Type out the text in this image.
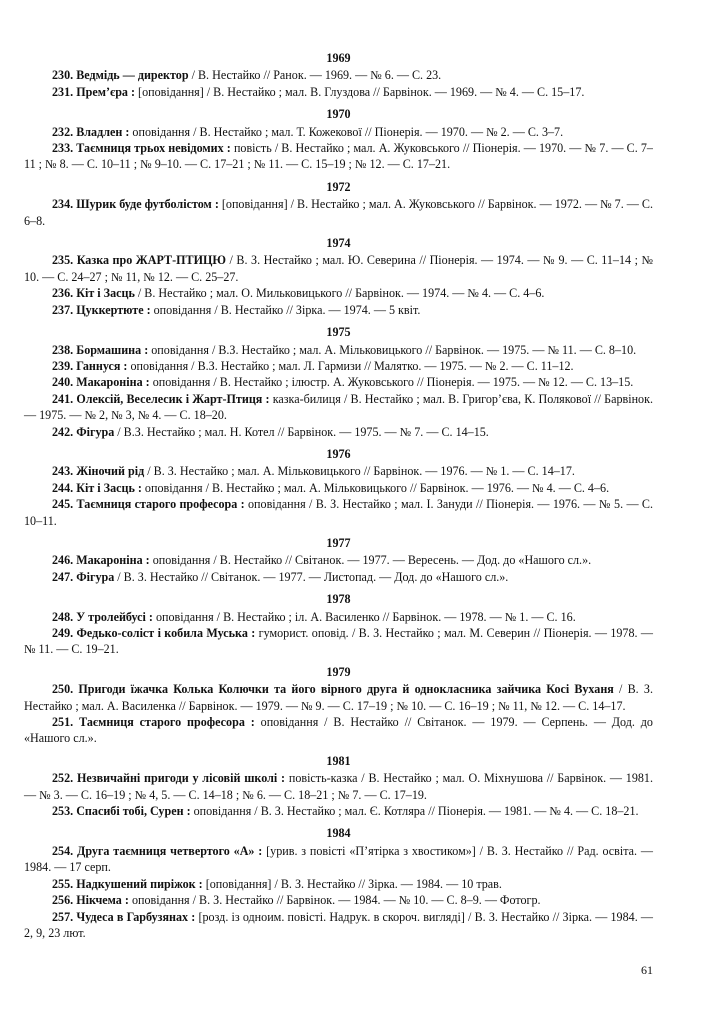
1969
230. Ведмідь — директор / В. Нестайко // Ранок. — 1969. — № 6. — С. 23.
231. Прем’єра : [оповідання] / В. Нестайко ; мал. В. Глуздова // Барвінок. — 1969. — № 4. — С. 15–17.
1970
232. Владлен : оповідання / В. Нестайко ; мал. Т. Кожекової // Піонерія. — 1970. — № 2. — С. 3–7.
233. Таємниця трьох невідомих : повість / В. Нестайко ; мал. А. Жуковського // Піонерія. — 1970. — № 7. — С. 7–11 ; № 8. — С. 10–11 ; № 9–10. — С. 17–21 ; № 11. — С. 15–19 ; № 12. — С. 17–21.
1972
234. Шурик буде футболістом : [оповідання] / В. Нестайко ; мал. А. Жуковського // Барвінок. — 1972. — № 7. — С. 6–8.
1974
235. Казка про ЖАРТ-ПТИЦЮ / В. З. Нестайко ; мал. Ю. Северина // Піонерія. — 1974. — № 9. — С. 11–14 ; № 10. — С. 24–27 ; № 11, № 12. — С. 25–27.
236. Кіт і Засць / В. Нестайко ; мал. О. Мильковицького // Барвінок. — 1974. — № 4. — С. 4–6.
237. Цуккертюте : оповідання / В. Нестайко // Зірка. — 1974. — 5 квіт.
1975
238. Бормашина : оповідання / В.З. Нестайко ; мал. А. Мільковицького // Барвінок. — 1975. — № 11. — С. 8–10.
239. Ганнуся : оповідання / В.З. Нестайко ; мал. Л. Гармизи // Малятко. — 1975. — № 2. — С. 11–12.
240. Макароніна : оповідання / В. Нестайко ; ілюстр. А. Жуковського // Піонерія. — 1975. — № 12. — С. 13–15.
241. Олексій, Веселесик і Жарт-Птиця : казка-билиця / В. Нестайко ; мал. В. Григор’єва, К. Полякової // Барвінок. — 1975. — № 2, № 3, № 4. — С. 18–20.
242. Фігура / В.З. Нестайко ; мал. Н. Котел // Барвінок. — 1975. — № 7. — С. 14–15.
1976
243. Жіночий рід / В. З. Нестайко ; мал. А. Мільковицького // Барвінок. — 1976. — № 1. — С. 14–17.
244. Кіт і Засць : оповідання / В. Нестайко ; мал. А. Мільковицького // Барвінок. — 1976. — № 4. — С. 4–6.
245. Таємниця старого професора : оповідання / В. З. Нестайко ; мал. І. Зануди // Піонерія. — 1976. — № 5. — С. 10–11.
1977
246. Макароніна : оповідання / В. Нестайко // Світанок. — 1977. — Вересень. — Дод. до «Нашого сл.».
247. Фігура / В. З. Нестайко // Світанок. — 1977. — Листопад. — Дод. до «Нашого сл.».
1978
248. У тролейбусі : оповідання / В. Нестайко ; іл. А. Василенко // Барвінок. — 1978. — № 1. — С. 16.
249. Федько-соліст і кобила Муська : гуморист. оповід. / В. З. Нестайко ; мал. М. Северин // Піонерія. — 1978. — № 11. — С. 19–21.
1979
250. Пригоди їжачка Колька Колючки та його вірного друга й однокласника зайчика Косі Вуханя / В. З. Нестайко ; мал. А. Василенка // Барвінок. — 1979. — № 9. — С. 17–19 ; № 10. — С. 16–19 ; № 11, № 12. — С. 14–17.
251. Таємниця старого професора : оповідання / В. Нестайко // Світанок. — 1979. — Серпень. — Дод. до «Нашого сл.».
1981
252. Незвичайні пригоди у лісовій школі : повість-казка / В. Нестайко ; мал. О. Міхнушова // Барвінок. — 1981. — № 3. — С. 16–19 ; № 4, 5. — С. 14–18 ; № 6. — С. 18–21 ; № 7. — С. 17–19.
253. Спасибі тобі, Сурен : оповідання / В. З. Нестайко ; мал. Є. Котляра // Піонерія. — 1981. — № 4. — С. 18–21.
1984
254. Друга таємниця четвертого «А» : [урив. з повісті «П’ятірка з хвостиком»] / В. З. Нестайко // Рад. освіта. — 1984. — 17 серп.
255. Надкушений пиріжок : [оповідання] / В. З. Нестайко // Зірка. — 1984. — 10 трав.
256. Нікчема : оповідання / В. З. Нестайко // Барвінок. — 1984. — № 10. — С. 8–9. — Фотогр.
257. Чудеса в Гарбузянах : [розд. із одноим. повісті. Надрук. в скороч. вигляді] / В. З. Нестайко // Зірка. — 1984. — 2, 9, 23 лют.
61
